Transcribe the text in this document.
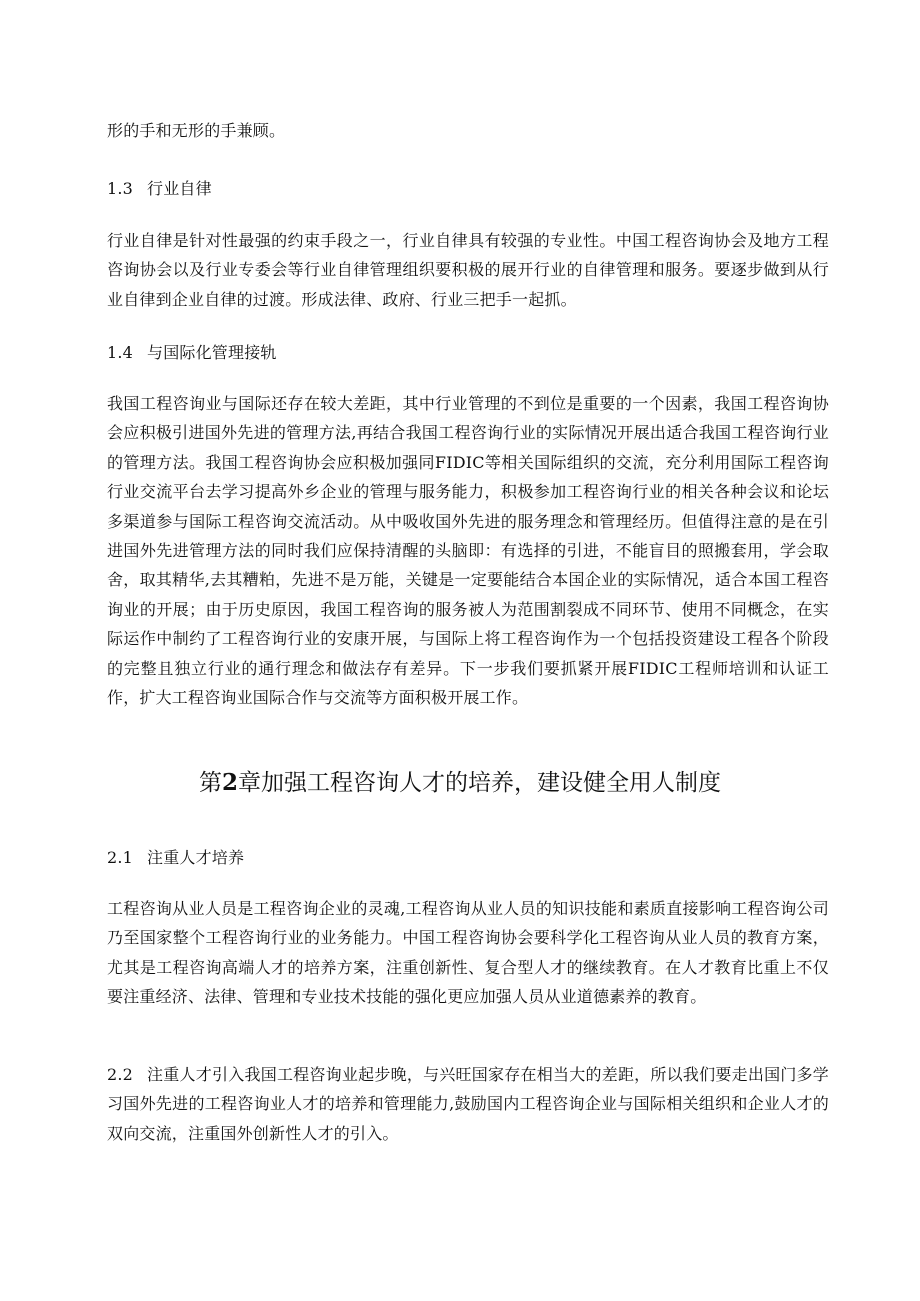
形的手和无形的手兼顾。

1.3 行业自律

行业自律是针对性最强的约束手段之一，行业自律具有较强的专业性。中国工程咨询协会及地方工程咨询协会以及行业专委会等行业自律管理组织要积极的展开行业的自律管理和服务。要逐步做到从行业自律到企业自律的过渡。形成法律、政府、行业三把手一起抓。

1.4 与国际化管理接轨

我国工程咨询业与国际还存在较大差距，其中行业管理的不到位是重要的一个因素，我国工程咨询协会应积极引进国外先进的管理方法,再结合我国工程咨询行业的实际情况开展出适合我国工程咨询行业的管理方法。我国工程咨询协会应积极加强同FIDIC等相关国际组织的交流，充分利用国际工程咨询行业交流平台去学习提高外乡企业的管理与服务能力，积极参加工程咨询行业的相关各种会议和论坛多渠道参与国际工程咨询交流活动。从中吸收国外先进的服务理念和管理经历。但值得注意的是在引进国外先进管理方法的同时我们应保持清醒的头脑即：有选择的引进，不能盲目的照搬套用，学会取舍，取其精华,去其糟粕，先进不是万能，关键是一定要能结合本国企业的实际情况，适合本国工程咨询业的开展；由于历史原因，我国工程咨询的服务被人为范围割裂成不同环节、使用不同概念，在实际运作中制约了工程咨询行业的安康开展，与国际上将工程咨询作为一个包括投资建设工程各个阶段的完整且独立行业的通行理念和做法存有差异。下一步我们要抓紧开展FIDIC工程师培训和认证工作，扩大工程咨询业国际合作与交流等方面积极开展工作。

第2章加强工程咨询人才的培养，建设健全用人制度
2.1 注重人才培养

工程咨询从业人员是工程咨询企业的灵魂,工程咨询从业人员的知识技能和素质直接影响工程咨询公司乃至国家整个工程咨询行业的业务能力。中国工程咨询协会要科学化工程咨询从业人员的教育方案，尤其是工程咨询高端人才的培养方案，注重创新性、复合型人才的继续教育。在人才教育比重上不仅要注重经济、法律、管理和专业技术技能的强化更应加强人员从业道德素养的教育。

2.2 注重人才引入我国工程咨询业起步晚，与兴旺国家存在相当大的差距，所以我们要走出国门多学习国外先进的工程咨询业人才的培养和管理能力,鼓励国内工程咨询企业与国际相关组织和企业人才的双向交流，注重国外创新性人才的引入。
